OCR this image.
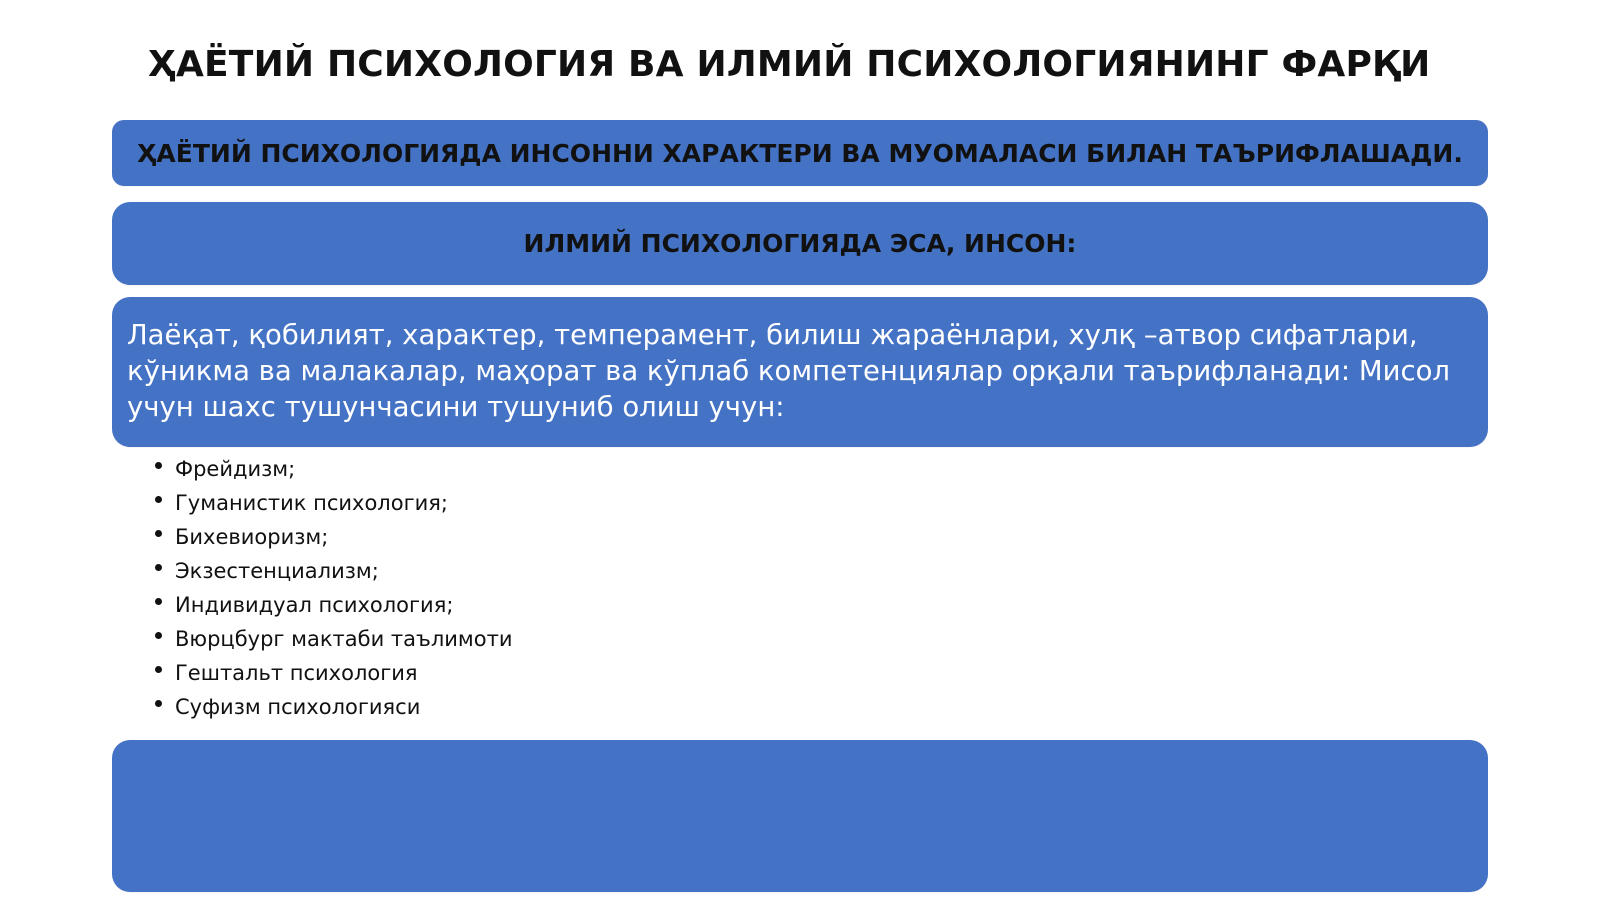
ҲАЁТИЙ ПСИХОЛОГИЯ ВА ИЛМИЙ ПСИХОЛОГИЯНИНГ ФАРҚИ
ҲАЁТИЙ ПСИХОЛОГИЯДА ИНСОННИ ХАРАКТЕРИ ВА МУОМАЛАСИ БИЛАН ТАЪРИФЛАШАДИ.
ИЛМИЙ ПСИХОЛОГИЯДА ЭСА, ИНСОН:
Лаёқат, қобилият, характер, темперамент, билиш жараёнлари, хулқ –атвор сифатлари, кўникма ва малакалар, маҳорат ва кўплаб компетенциялар орқали таърифланади: Мисол учун шахс тушунчасини тушуниб олиш учун:
Фрейдизм;
Гуманистик психология;
Бихевиоризм;
Экзестенциализм;
Индивидуал психология;
Вюрцбург мактаби таълимоти
Гештальт психология
Суфизм психологияси
